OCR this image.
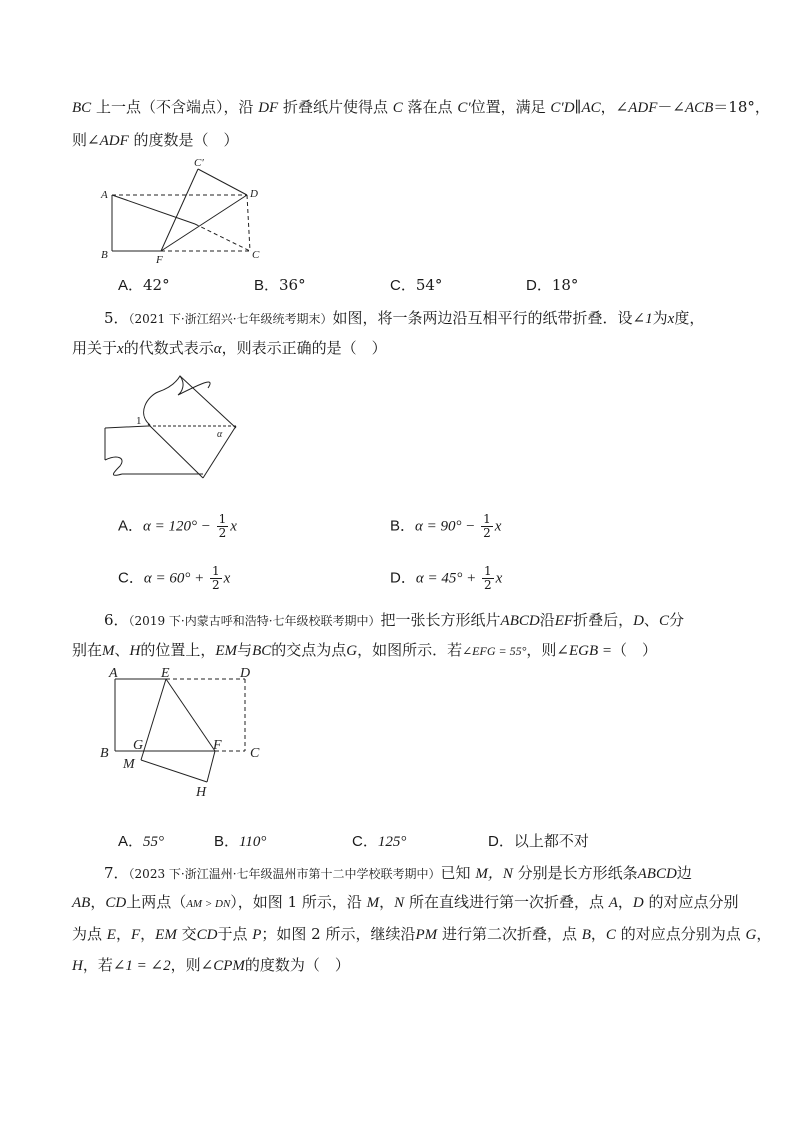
BC 上一点（不含端点），沿 DF 折叠纸片使得点 C 落在点 C′位置，满足 C′D∥AC，∠ADF－∠ACB＝18°，
则∠ADF 的度数是（　）
A
B	F	C
D
C′
A．42°	B．36°	C．54°	D．18°
5．（2021 下·浙江绍兴·七年级统考期末）如图，将一条两边沿互相平行的纸带折叠．设∠1为x度，
用关于x的代数式表示α，则表示正确的是（　）
1
α
A．$\alpha = 120^\circ - \frac{1}{2}$ x	B．$\alpha = 90^\circ - \frac{1}{2}$ x
C．$\alpha = 60^\circ + \frac{1}{2}$ x	D．$\alpha = 45^\circ + \frac{1}{2}$ x
6．（2019 下·内蒙古呼和浩特·七年级校联考期中）把一张长方形纸片ABCD沿EF折叠后，D、C分
别在M、H的位置上，EM与BC的交点为点G，如图所示．若∠EFG = 55°，则∠EGB =（　）
A	E	D
B
G	F
C
M
H
A．55°	B．110°	C．125°	D．以上都不对
7．（2023 下·浙江温州·七年级温州市第十二中学校联考期中）已知 M，N 分别是长方形纸条ABCD边
AB，CD上两点（AM > DN），如图 1 所示，沿 M，N 所在直线进行第一次折叠，点 A，D 的对应点分别
为点 E，F，EM 交CD于点 P；如图 2 所示，继续沿PM 进行第二次折叠，点 B，C 的对应点分别为点 G，
H，若∠1 = ∠2，则∠CPM的度数为（　）
